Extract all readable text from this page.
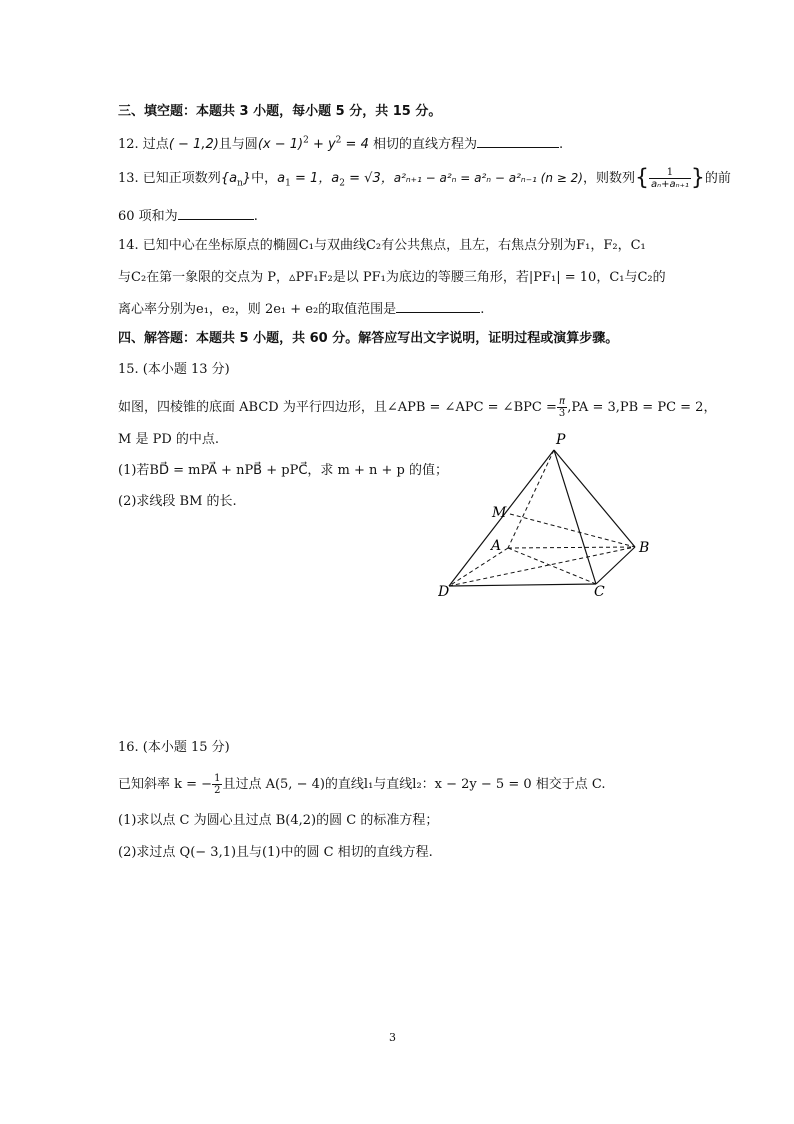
三、填空题：本题共 3 小题，每小题 5 分，共 15 分。
12. 过点( − 1,2)且与圆$(x - 1)^2 + y^2 = 4$ 相切的直线方程为	.
13. 已知正项数列$\{a_n\}$中，$a_1 = 1$，$a_2 = √3$，a²ₙ₊₁ − a²ₙ = a²ₙ − a²ₙ₋₁ (n ≥ 2)，则数列{ $\frac{1}{\text{aₙ+aₙ₊₁}}$ }的前
60 项和为	.
14. 已知中心在坐标原点的椭圆C₁与双曲线C₂有公共焦点，且左，右焦点分别为F₁，F₂，C₁
与C₂在第一象限的交点为 P，▵PF₁F₂是以 PF₁为底边的等腰三角形，若|PF₁| = 10，C₁与C₂的
离心率分别为e₁，e₂，则 2e₁ + e₂的取值范围是	.
四、解答题：本题共 5 小题，共 60 分。解答应写出文字说明，证明过程或演算步骤。
15. (本小题 13 分)
如图，四棱锥的底面 ABCD 为平行四边形，且∠APB = ∠APC = ∠BPC = $\frac{\pi}{3} ,PA = 3,PB$ = PC = 2，
M 是 PD 的中点.
(1)若BD⃗ = mPA⃗ + nPB⃗ + pPC⃗，求 m + n + p 的值；
(2)求线段 BM 的长.
P
M
A	B
D	C
16. (本小题 15 分)
已知斜率 k = − $\frac{1}{2}$ 且过点 A(5, − 4)的直线l₁与直线l₂：x − 2y − 5 = 0 相交于点 C.
(1)求以点 C 为圆心且过点 B(4,2)的圆 C 的标准方程；
(2)求过点 Q(− 3,1)且与(1)中的圆 C 相切的直线方程.
3
